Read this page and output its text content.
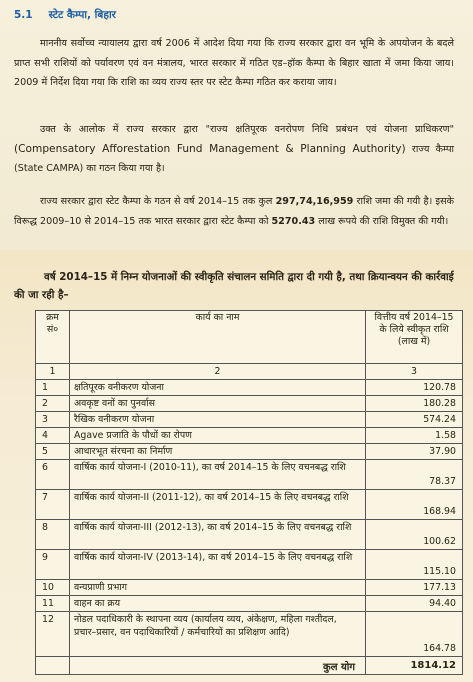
5.1 स्टेट कैम्पा, बिहार
माननीय सर्वोच्च न्यायालय द्वारा वर्ष 2006 में आदेश दिया गया कि राज्य सरकार द्वारा वन भूमि के अपयोजन के बदले प्राप्त सभी राशियों को पर्यावरण एवं वन मंत्रालय, भारत सरकार में गठित एड–हॉक कैम्पा के बिहार खाता में जमा किया जाय। 2009 में निर्देश दिया गया कि राशि का व्यय राज्य स्तर पर स्टेट कैम्पा गठित कर कराया जाय।
उक्त के आलोक में राज्य सरकार द्वारा "राज्य क्षतिपूरक वनरोपण निधि प्रबंधन एवं योजना प्राधिकरण" (Compensatory Afforestation Fund Management & Planning Authority) राज्य कैम्पा (State CAMPA) का गठन किया गया है।
राज्य सरकार द्वारा स्टेट कैम्पा के गठन से वर्ष 2014–15 तक कुल 297,74,16,959 राशि जमा की गयी है। इसके विरूद्ध 2009–10 से 2014–15 तक भारत सरकार द्वारा स्टेट कैम्पा को 5270.43 लाख रूपये की राशि विमुक्त की गयी।
वर्ष 2014–15 में निम्न योजनाओं की स्वीकृति संचालन समिति द्वारा दी गयी है, तथा क्रियान्वयन की कार्रवाई की जा रही है–
क्रम सं०	कार्य का नाम	वित्तीय वर्ष 2014–15 के लिये स्वीकृत राशि (लाख में)
1	2	3
1	क्षतिपूरक वनीकरण योजना	120.78
2	अवकृष्ट वनों का पुनर्वास	180.28
3	रैखिक वनीकरण योजना	574.24
4	Agave प्रजाति के पौधों का रोपण	1.58
5	आधारभूत संरचना का निर्माण	37.90
6	वार्षिक कार्य योजना-I (2010-11), का वर्ष 2014–15 के लिए वचनबद्ध राशि	78.37
7	वार्षिक कार्य योजना-II (2011-12), का वर्ष 2014–15 के लिए वचनबद्ध राशि	168.94
8	वार्षिक कार्य योजना-III (2012-13), का वर्ष 2014–15 के लिए वचनबद्ध राशि	100.62
9	वार्षिक कार्य योजना-IV (2013-14), का वर्ष 2014–15 के लिए वचनबद्ध राशि	115.10
10	वन्यप्राणी प्रभाग	177.13
11	वाहन का क्रय	94.40
12	नोडल पदाधिकारी के स्थापना व्यय (कार्यालय व्यय, अंकेक्षण, महिला गश्तीदल, प्रचार–प्रसार, वन पदाधिकारियों / कर्मचारियों का प्रशिक्षण आदि)	164.78
	कुल योग	1814.12
